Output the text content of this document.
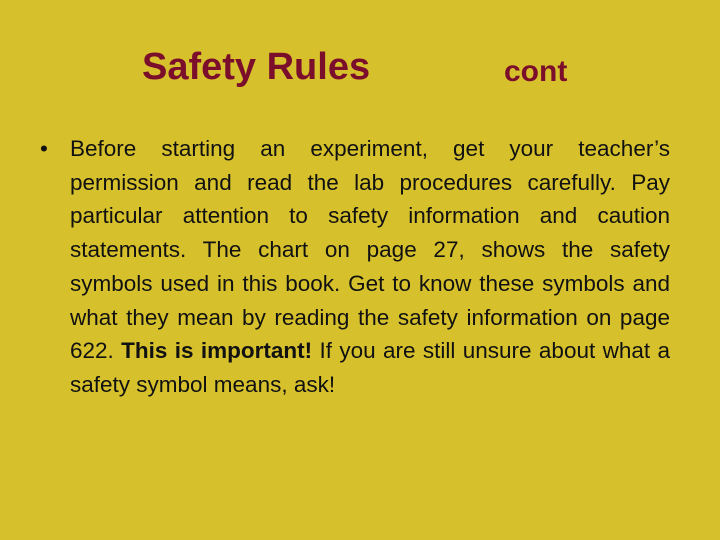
Safety Rules	cont
• Before starting an experiment, get your teacher’s permission and read the lab procedures carefully. Pay particular attention to safety information and caution statements. The chart on page 27, shows the safety symbols used in this book. Get to know these symbols and what they mean by reading the safety information on page 622. This is important! If you are still unsure about what a safety symbol means, ask!
